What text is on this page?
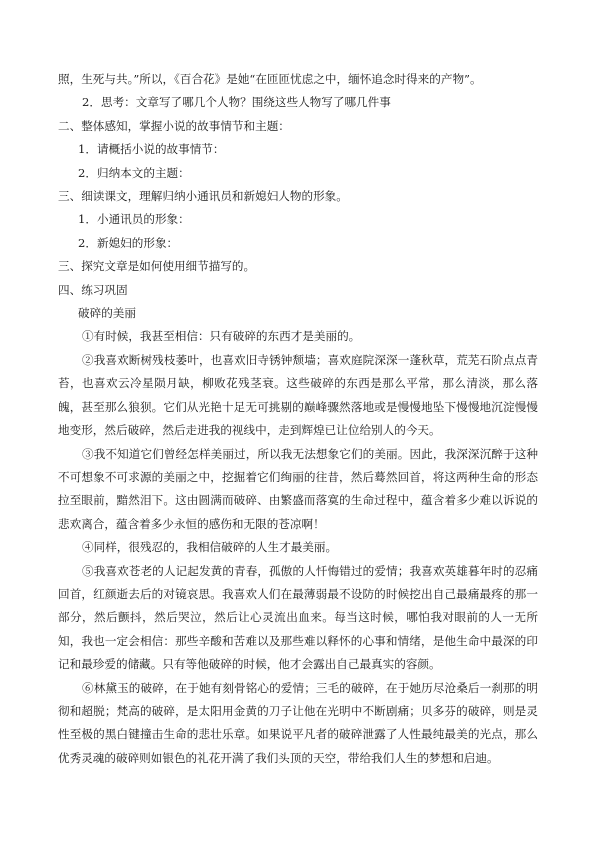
照，生死与共。”所以，《百合花》是她“在匝匝忧虑之中，缅怀追念时得来的产物”。
2．思考：文章写了哪几个人物？围绕这些人物写了哪几件事
二、整体感知，掌握小说的故事情节和主题：
1．请概括小说的故事情节：
2．归纳本文的主题：
三、细读课文，理解归纳小通讯员和新媳妇人物的形象。
1．小通讯员的形象：
2．新媳妇的形象：
三、探究文章是如何使用细节描写的。
四、练习巩固
破碎的美丽
①有时候，我甚至相信：只有破碎的东西才是美丽的。
②我喜欢断树残枝萎叶，也喜欢旧寺锈钟颓墙；喜欢庭院深深一蓬秋草，荒芜石阶点点青苔，也喜欢云冷星陨月缺，柳败花残茎衰。这些破碎的东西是那么平常，那么清淡，那么落魄，甚至那么狼狈。它们从光艳十足无可挑剔的巅峰骤然落地或是慢慢地坠下慢慢地沉淀慢慢地变形，然后破碎，然后走进我的视线中，走到辉煌已让位给别人的今天。
③我不知道它们曾经怎样美丽过，所以我无法想象它们的美丽。因此，我深深沉醉于这种不可想象不可求源的美丽之中，挖掘着它们绚丽的往昔，然后蓦然回首，将这两种生命的形态拉至眼前，黯然泪下。这由圆满而破碎、由繁盛而落寞的生命过程中，蕴含着多少难以诉说的悲欢离合，蕴含着多少永恒的感伤和无限的苍凉啊！
④同样，很残忍的，我相信破碎的人生才最美丽。
⑤我喜欢苍老的人记起发黄的青春，孤傲的人忏悔错过的爱情；我喜欢英雄暮年时的忍痛回首，红颜逝去后的对镜哀思。我喜欢人们在最薄弱最不设防的时候挖出自己最痛最疼的那一部分，然后颤抖，然后哭泣，然后让心灵流出血来。每当这时候，哪怕我对眼前的人一无所知，我也一定会相信：那些辛酸和苦难以及那些难以释怀的心事和情绪，是他生命中最深的印记和最珍爱的储藏。只有等他破碎的时候，他才会露出自己最真实的容颜。
⑥林黛玉的破碎，在于她有刻骨铭心的爱情；三毛的破碎，在于她历尽沧桑后一刹那的明彻和超脱；梵高的破碎，是太阳用金黄的刀子让他在光明中不断剧痛；贝多芬的破碎，则是灵性至极的黑白键撞击生命的悲壮乐章。如果说平凡者的破碎泄露了人性最纯最美的光点，那么优秀灵魂的破碎则如银色的礼花开满了我们头顶的天空，带给我们人生的梦想和启迪。
